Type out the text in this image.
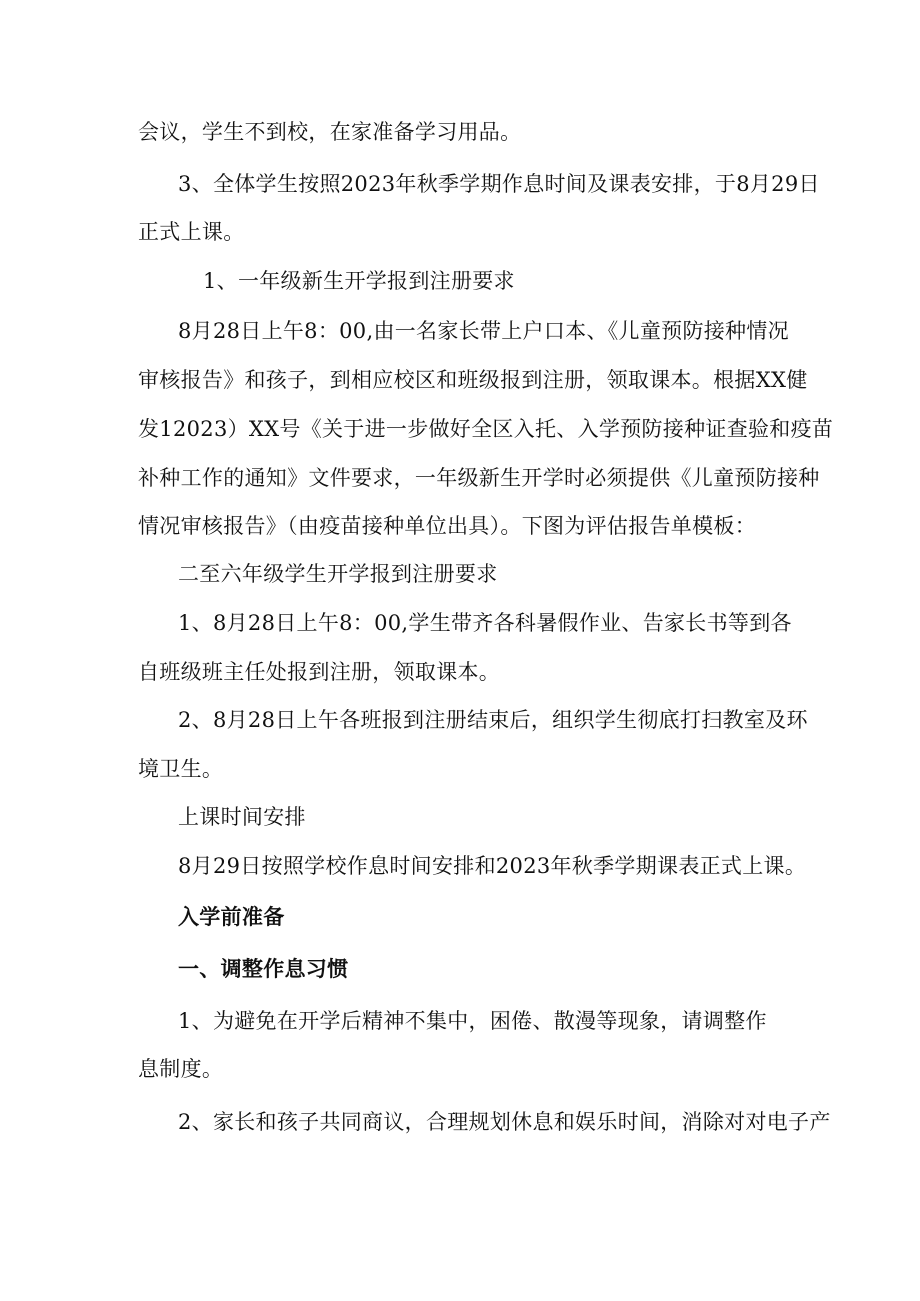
会议，学生不到校，在家准备学习用品。
3、全体学生按照2023年秋季学期作息时间及课表安排，于8月29日
正式上课。
1、一年级新生开学报到注册要求
8月28日上午8：00,由一名家长带上户口本、《儿童预防接种情况
审核报告》和孩子，到相应校区和班级报到注册，领取课本。根据XX健
发12023）XX号《关于进一步做好全区入托、入学预防接种证查验和疫苗
补种工作的通知》文件要求，一年级新生开学时必须提供《儿童预防接种
情况审核报告》（由疫苗接种单位出具）。下图为评估报告单模板：
二至六年级学生开学报到注册要求
1、8月28日上午8：00,学生带齐各科暑假作业、告家长书等到各
自班级班主任处报到注册，领取课本。
2、8月28日上午各班报到注册结束后，组织学生彻底打扫教室及环
境卫生。
上课时间安排
8月29日按照学校作息时间安排和2023年秋季学期课表正式上课。
入学前准备
一、调整作息习惯
1、为避免在开学后精神不集中，困倦、散漫等现象，请调整作
息制度。
2、家长和孩子共同商议，合理规划休息和娱乐时间，消除对对电子产
